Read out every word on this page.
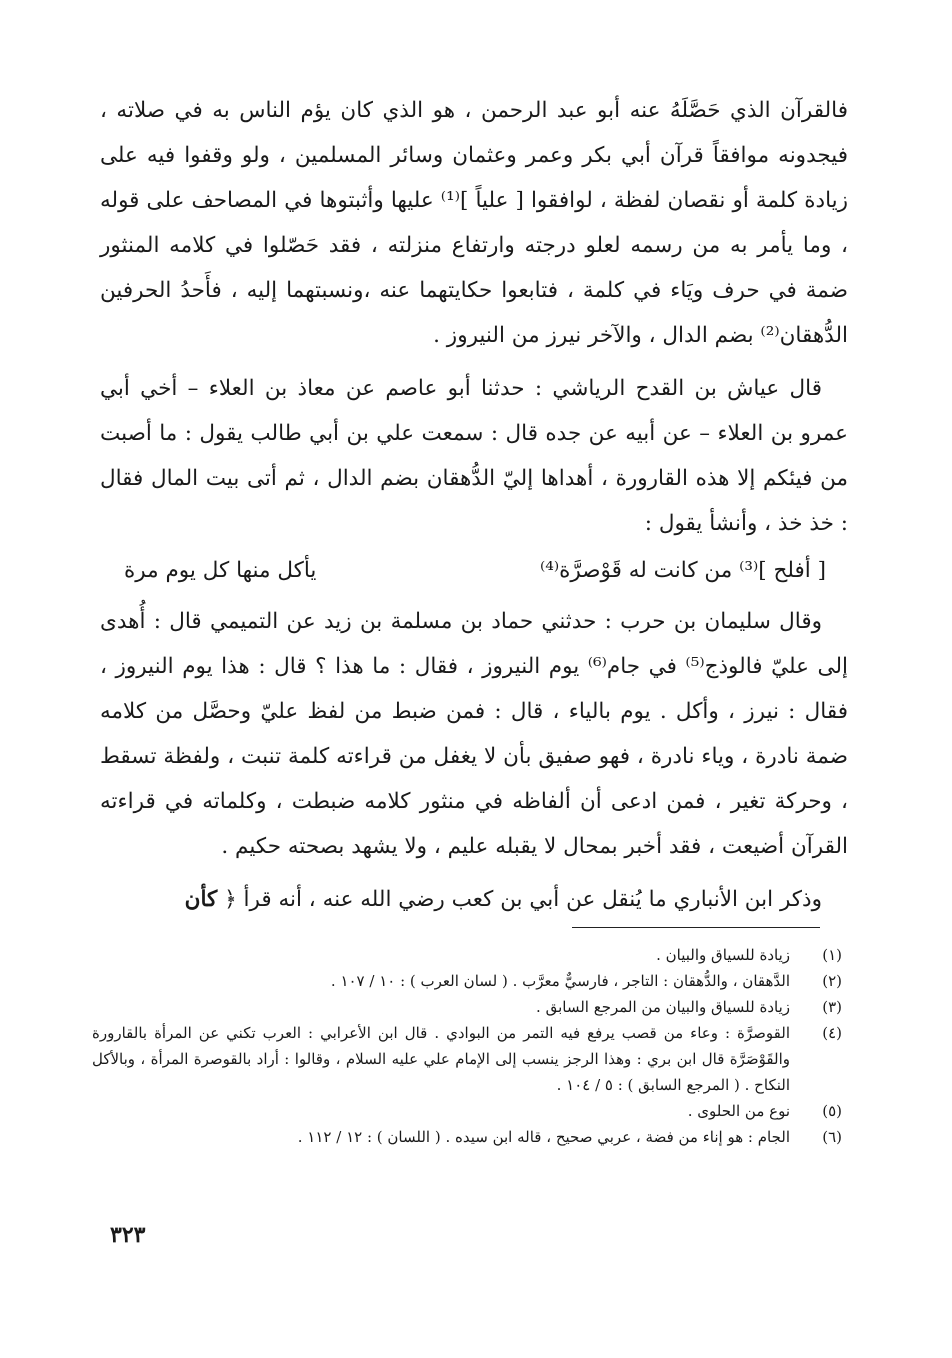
فالقرآن الذي حَصَّلَهُ عنه أبو عبد الرحمن ، هو الذي كان يؤم الناس به في صلاته ، فيجدونه موافقاً قرآن أبي بكر وعمر وعثمان وسائر المسلمين ، ولو وقفوا فيه على زيادة كلمة أو نقصان لفظة ، لوافقوا [ علياً ]⁽¹⁾ عليها وأثبتوها في المصاحف على قوله ، وما يأمر به من رسمه لعلو درجته وارتفاع منزلته ، فقد حَصّلوا في كلامه المنثور ضمة في حرف ويَاء في كلمة ، فتابعوا حكايتهما عنه ،ونسبتهما إليه ، فأَحدُ الحرفين الدُّهقان⁽²⁾ بضم الدال ، والآخر نيرز من النيروز .

قال عياش بن القدح الرياشي : حدثنا أبو عاصم عن معاذ بن العلاء – أخي أبي عمرو بن العلاء – عن أبيه عن جده قال : سمعت علي بن أبي طالب يقول : ما أصبت من فيئكم إلا هذه القارورة ، أهداها إليّ الدُّهقان بضم الدال ، ثم أتى بيت المال فقال : خذ خذ ، وأنشأ يقول :

[ أفلح ]⁽³⁾ من كانت له قَوْصرَّة⁽⁴⁾
يأكل منها كل يوم مرة

وقال سليمان بن حرب : حدثني حماد بن مسلمة بن زيد عن التميمي قال : أُهدى إلى عليّ فالوذج⁽⁵⁾ في جام⁽⁶⁾ يوم النيروز ، فقال : ما هذا ؟ قال : هذا يوم النيروز ، فقال : نيرز ، وأكل . يوم بالياء ، قال : فمن ضبط من لفظ عليّ وحصَّل من كلامه ضمة نادرة ، وياء نادرة ، فهو صفيق بأن لا يغفل من قراءته كلمة تنبت ، ولفظة تسقط ، وحركة تغير ، فمن ادعى أن ألفاظه في منثور كلامه ضبطت ، وكلماته في قراءته القرآن أضيعت ، فقد أخبر بمحال لا يقبله عليم ، ولا يشهد بصحته حكيم .

وذكر ابن الأنباري ما يُنقل عن أبي بن كعب رضي الله عنه ، أنه قرأ ﴿ كأن

(١)
زيادة للسياق والبيان .
(٢)
الدَّهقان ، والدُّهقان : التاجر ، فارسيٌّ معرَّب . ( لسان العرب ) : ١٠ / ١٠٧ .
(٣)
زيادة للسياق والبيان من المرجع السابق .
(٤)
القوصرَّة : وعاء من قصب يرفع فيه التمر من البوادي . قال ابن الأعرابي : العرب تكني عن المرأة بالقارورة والقَوْصَرَّة قال ابن بري : وهذا الرجز ينسب إلى الإمام علي عليه السلام ، وقالوا : أراد بالقوصرة المرأة ، وبالأكل النكاح . ( المرجع السابق ) : ٥ / ١٠٤ .
(٥)
نوع من الحلوى .
(٦)
الجام : هو إناء من فضة ، عربي صحيح ، قاله ابن سيده . ( اللسان ) : ١٢ / ١١٢ .
٣٢٣
